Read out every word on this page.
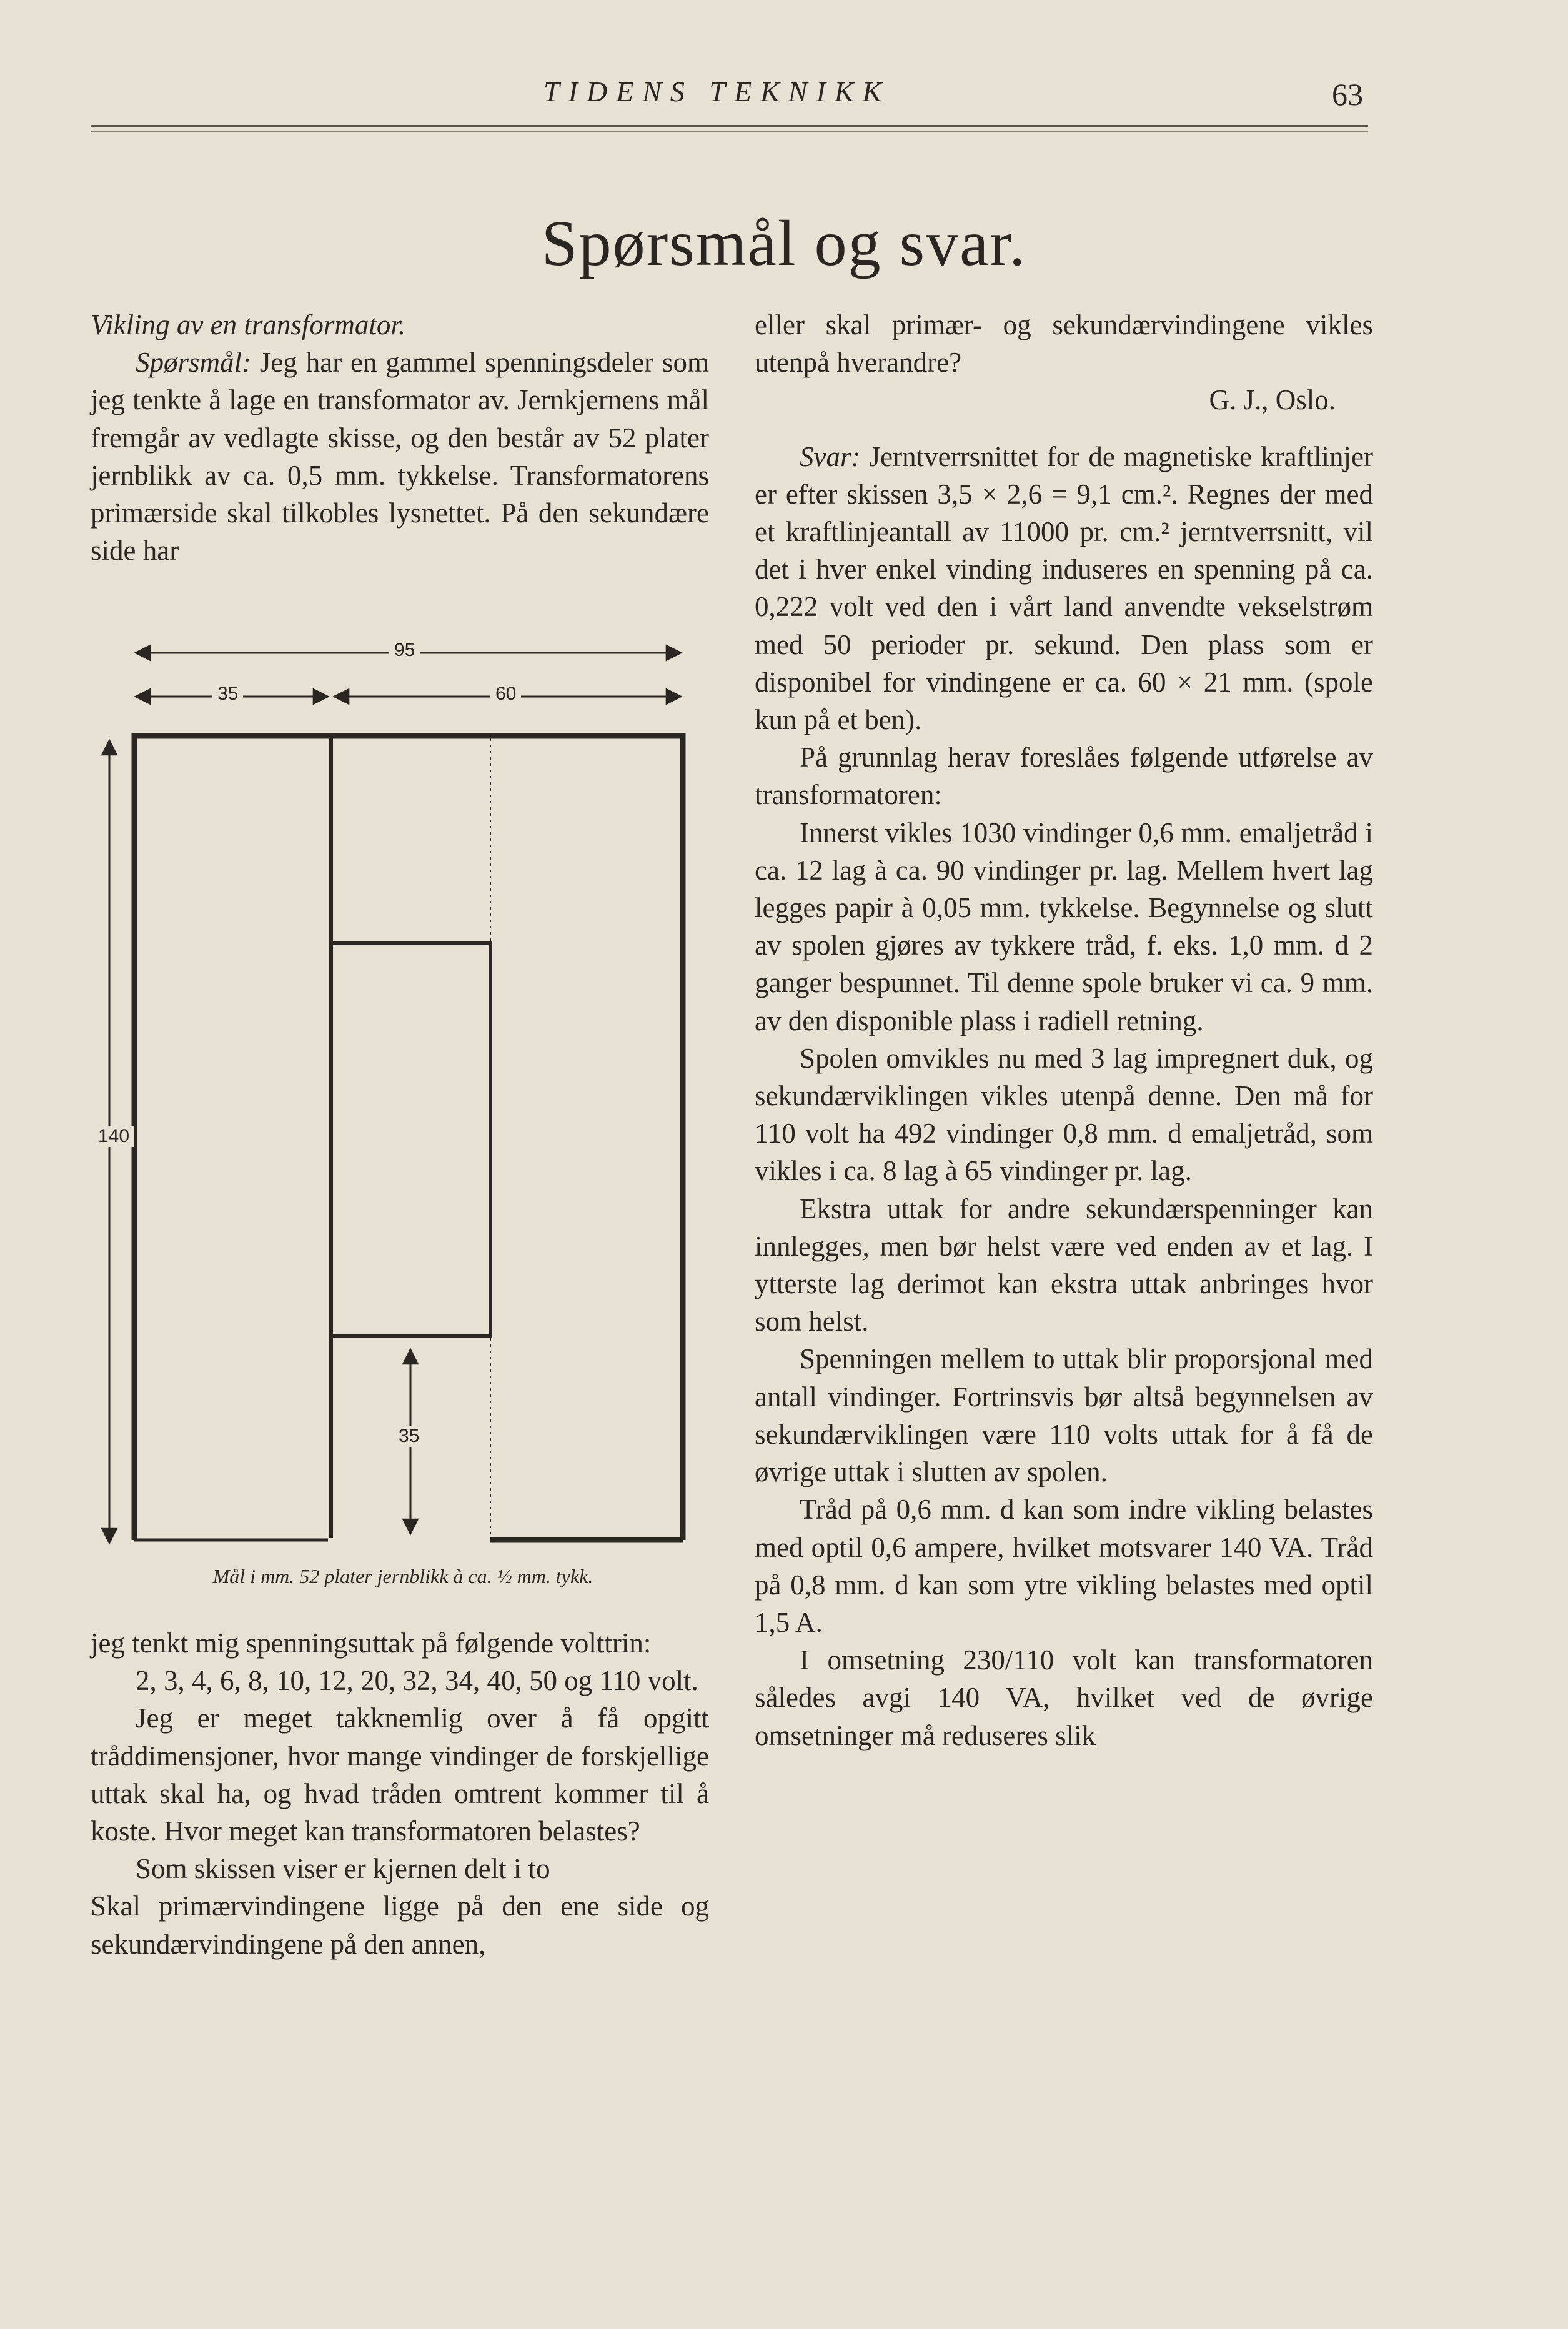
TIDENS TEKNIKK	63
Spørsmål og svar.

Vikling av en transformator.

Spørsmål: Jeg har en gammel spenningsdeler som jeg tenkte å lage en transformator av. Jernkjernens mål fremgår av vedlagte skisse, og den består av 52 plater jernblikk av ca. 0,5 mm. tykkelse. Transformatorens primærside skal tilkobles lysnettet. På den sekundære side har

95
35	60
140
35
Mål i mm. 52 plater jernblikk à ca. ½ mm. tykk.

jeg tenkt mig spenningsuttak på følgende volttrin:

2, 3, 4, 6, 8, 10, 12, 20, 32, 34, 40, 50 og 110 volt.

Jeg er meget takknemlig over å få opgitt tråddimensjoner, hvor mange vindinger de forskjellige uttak skal ha, og hvad tråden omtrent kommer til å koste. Hvor meget kan transformatoren belastes?

Som skissen viser er kjernen delt i to

Skal primærvindingene ligge på den ene side og sekundærvindingene på den annen,

eller skal primær- og sekundærvindingene vikles utenpå hverandre?

G. J., Oslo.

Svar: Jerntverrsnittet for de magnetiske kraftlinjer er efter skissen 3,5 × 2,6 = 9,1 cm.². Regnes der med et kraftlinjeantall av 11000 pr. cm.² jerntverrsnitt, vil det i hver enkel vinding induseres en spenning på ca. 0,222 volt ved den i vårt land anvendte vekselstrøm med 50 perioder pr. sekund. Den plass som er disponibel for vindingene er ca. 60 × 21 mm. (spole kun på et ben).

På grunnlag herav foreslåes følgende utførelse av transformatoren:

Innerst vikles 1030 vindinger 0,6 mm. emaljetråd i ca. 12 lag à ca. 90 vindinger pr. lag. Mellem hvert lag legges papir à 0,05 mm. tykkelse. Begynnelse og slutt av spolen gjøres av tykkere tråd, f. eks. 1,0 mm. d 2 ganger bespunnet. Til denne spole bruker vi ca. 9 mm. av den disponible plass i radiell retning.

Spolen omvikles nu med 3 lag impregnert duk, og sekundærviklingen vikles utenpå denne. Den må for 110 volt ha 492 vindinger 0,8 mm. d emaljetråd, som vikles i ca. 8 lag à 65 vindinger pr. lag.

Ekstra uttak for andre sekundærspenninger kan innlegges, men bør helst være ved enden av et lag. I ytterste lag derimot kan ekstra uttak anbringes hvor som helst.

Spenningen mellem to uttak blir proporsjonal med antall vindinger. Fortrinsvis bør altså begynnelsen av sekundærviklingen være 110 volts uttak for å få de øvrige uttak i slutten av spolen.

Tråd på 0,6 mm. d kan som indre vikling belastes med optil 0,6 ampere, hvilket motsvarer 140 VA. Tråd på 0,8 mm. d kan som ytre vikling belastes med optil 1,5 A.

I omsetning 230/110 volt kan transformatoren således avgi 140 VA, hvilket ved de øvrige omsetninger må reduseres slik
